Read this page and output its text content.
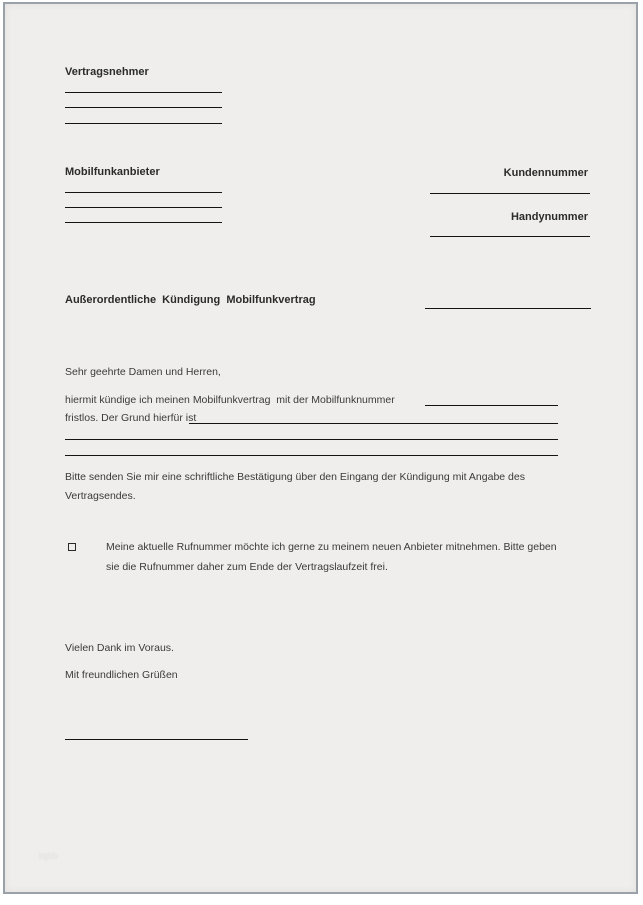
Vertragsnehmer
Mobilfunkanbieter	Kundennummer
Handynummer
Außerordentliche  Kündigung  Mobilfunkvertrag
Sehr geehrte Damen und Herren,
hiermit kündige ich meinen Mobilfunkvertrag  mit der Mobilfunknummer
fristlos. Der Grund hierfür ist
Bitte senden Sie mir eine schriftliche Bestätigung über den Eingang der Kündigung mit Angabe des
Vertragsendes.
Meine aktuelle Rufnummer möchte ich gerne zu meinem neuen Anbieter mitnehmen. Bitte geben
sie die Rufnummer daher zum Ende der Vertragslaufzeit frei.
Vielen Dank im Voraus.
Mit freundlichen Grüßen
tqlib
